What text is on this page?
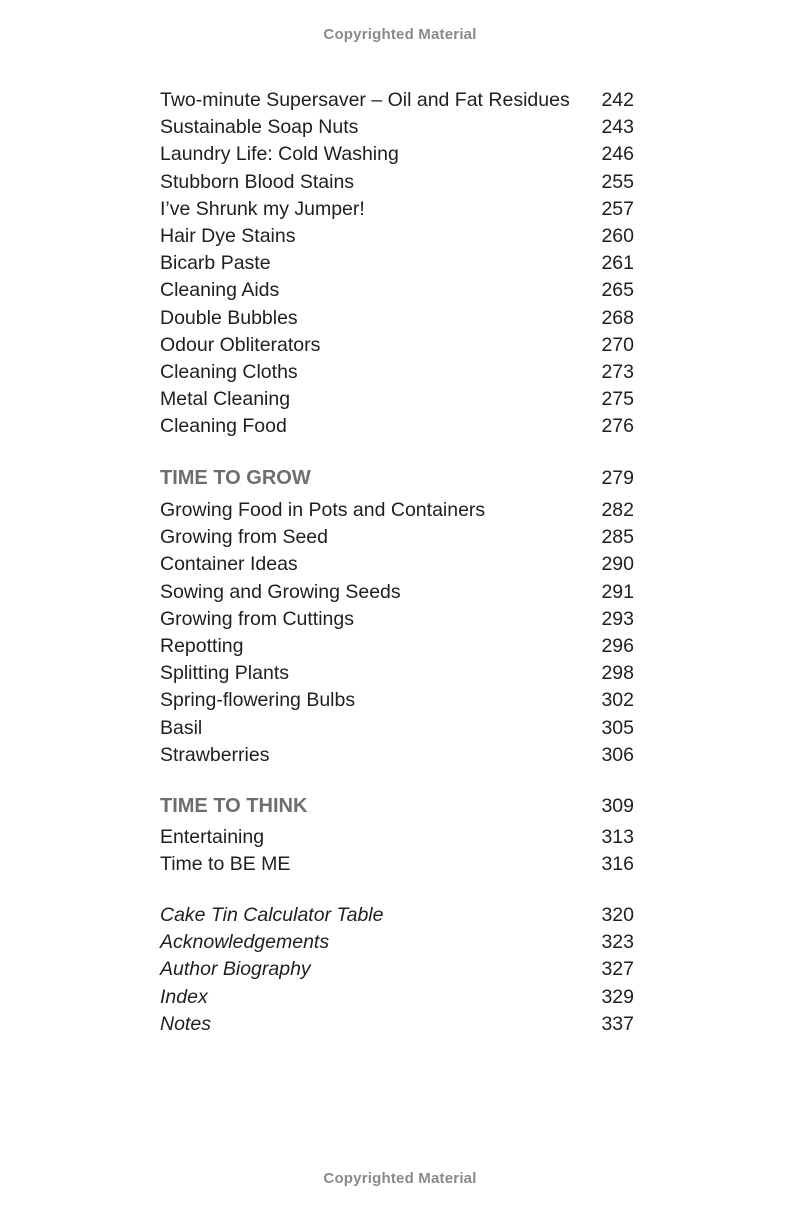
Copyrighted Material
Two-minute Supersaver – Oil and Fat Residues 242
Sustainable Soap Nuts	243
Laundry Life: Cold Washing	246
Stubborn Blood Stains	255
I’ve Shrunk my Jumper!	257
Hair Dye Stains	260
Bicarb Paste	261
Cleaning Aids	265
Double Bubbles	268
Odour Obliterators	270
Cleaning Cloths	273
Metal Cleaning	275
Cleaning Food	276
TIME TO GROW	279
Growing Food in Pots and Containers	282
Growing from Seed	285
Container Ideas	290
Sowing and Growing Seeds	291
Growing from Cuttings	293
Repotting	296
Splitting Plants	298
Spring-flowering Bulbs	302
Basil	305
Strawberries	306
TIME TO THINK	309
Entertaining	313
Time to BE ME	316
Cake Tin Calculator Table	320
Acknowledgements	323
Author Biography	327
Index	329
Notes	337
Copyrighted Material
